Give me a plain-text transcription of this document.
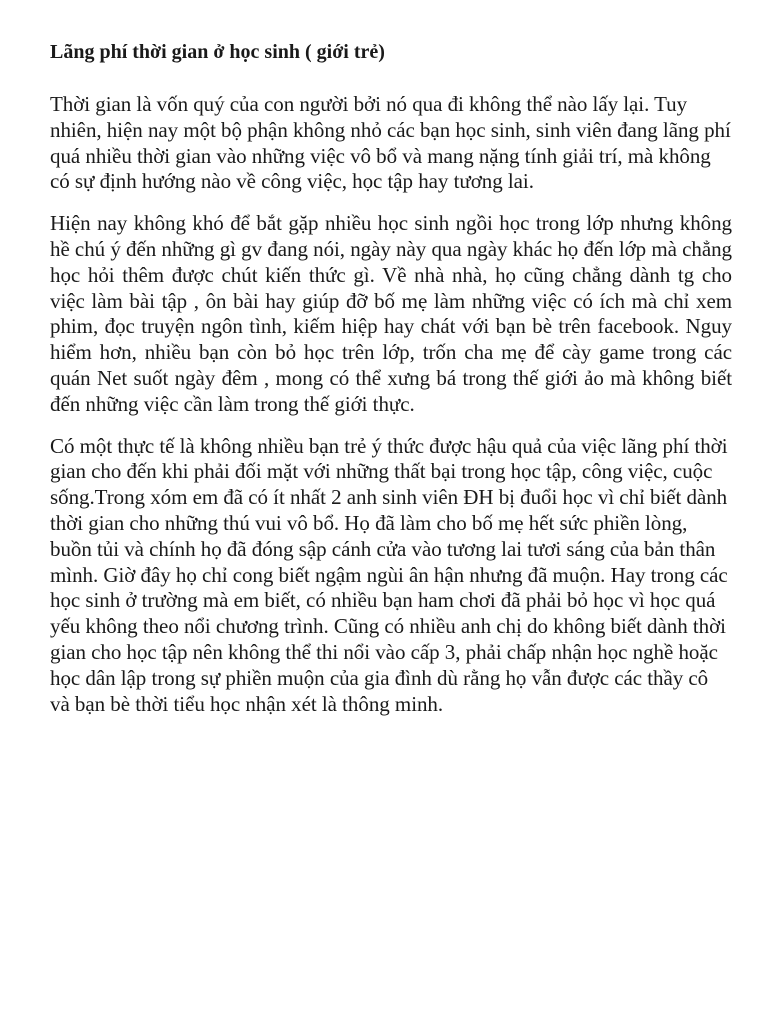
Lãng phí thời gian ở học sinh ( giới trẻ)

Thời gian là vốn quý của con người bởi nó qua đi không thể nào lấy lại. Tuy nhiên, hiện nay một bộ phận không nhỏ các bạn học sinh, sinh viên đang lãng phí quá nhiều thời gian vào những việc vô bổ và mang nặng tính giải trí, mà không có sự định hướng nào về công việc, học tập hay tương lai.

Hiện nay không khó để bắt gặp nhiều học sinh ngồi học trong lớp nhưng không hề chú ý đến những gì gv đang nói, ngày này qua ngày khác họ đến lớp mà chẳng học hỏi thêm được chút kiến thức gì. Về nhà nhà, họ cũng chẳng dành tg cho việc làm bài tập , ôn bài hay giúp đỡ bố mẹ làm những việc có ích mà chỉ xem phim, đọc truyện ngôn tình, kiếm hiệp hay chát với bạn bè trên facebook. Nguy hiểm hơn, nhiều bạn còn bỏ học trên lớp, trốn cha mẹ để cày game trong các quán Net suốt ngày đêm , mong có thể xưng bá trong thế giới ảo mà không biết đến những việc cần làm trong thế giới thực.

Có một thực tế là không nhiều bạn trẻ ý thức được hậu quả của việc lãng phí thời gian cho đến khi phải đối mặt với những thất bại trong học tập, công việc, cuộc sống.Trong xóm em đã có ít nhất 2 anh sinh viên ĐH bị đuổi học vì chỉ biết dành thời gian cho những thú vui vô bổ. Họ đã làm cho bố mẹ hết sức phiền lòng, buồn tủi và chính họ đã đóng sập cánh cửa vào tương lai tươi sáng của bản thân mình. Giờ đây họ chỉ cong biết ngậm ngùi ân hận nhưng đã muộn. Hay trong các học sinh ở trường mà em biết, có nhiều bạn ham chơi đã phải bỏ học vì học quá yếu không theo nổi chương trình. Cũng có nhiều anh chị do không biết dành thời gian cho học tập nên không thể thi nổi vào cấp 3, phải chấp nhận học nghề hoặc học dân lập trong sự phiền muộn của gia đình dù rằng họ vẫn được các thầy cô và bạn bè thời tiểu học nhận xét là thông minh.
